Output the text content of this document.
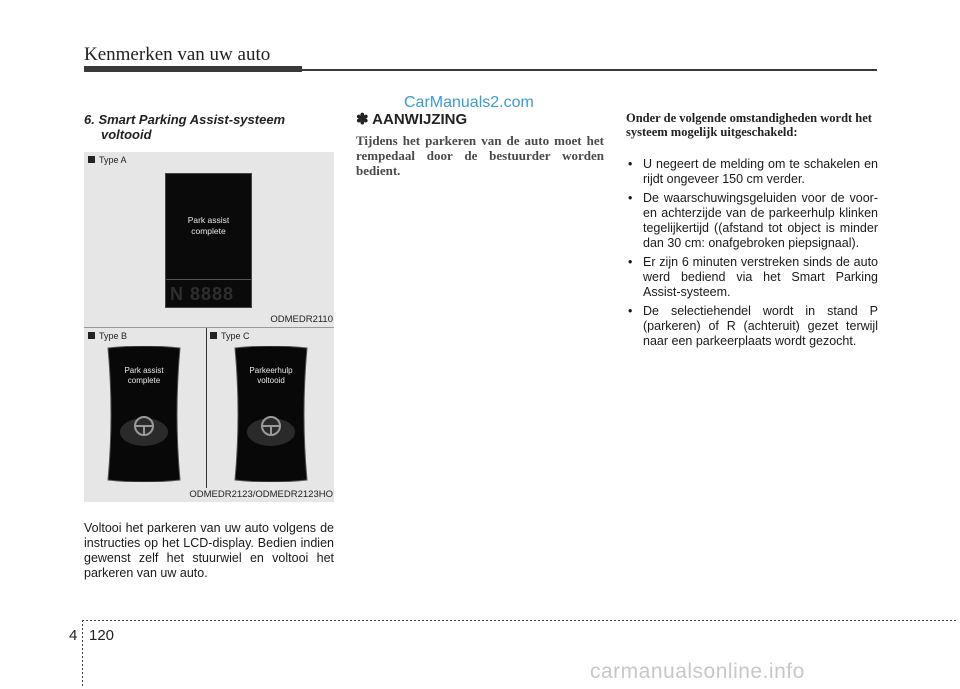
Kenmerken van uw auto
6. Smart Parking Assist-systeem
voltooid
Type A
Park assist
complete
N 8888
ODMEDR2110
Type B	Type C
Park assist
complete
Parkeerhulp
voltooid
ODMEDR2123/ODMEDR2123HO
Voltooi het parkeren van uw auto volgens de instructies op het LCD-display. Bedien indien gewenst zelf het stuurwiel en voltooi het parkeren van uw auto.
CarManuals2.com
✽ AANWIJZING
Tijdens het parkeren van de auto moet het rempedaal door de bestuurder worden bedient.
Onder de volgende omstandigheden wordt het systeem mogelijk uitgeschakeld:
• U negeert de melding om te schakelen en rijdt ongeveer 150 cm verder.
• De waarschuwingsgeluiden voor de voor- en achterzijde van de parkeerhulp klinken tegelijkertijd ((afstand tot object is minder dan 30 cm: onafgebroken piepsignaal).
• Er zijn 6 minuten verstreken sinds de auto werd bediend via het Smart Parking Assist-systeem.
• De selectiehendel wordt in stand P (parkeren) of R (achteruit) gezet terwijl naar een parkeerplaats wordt gezocht.
4 120
carmanualsonline.info
